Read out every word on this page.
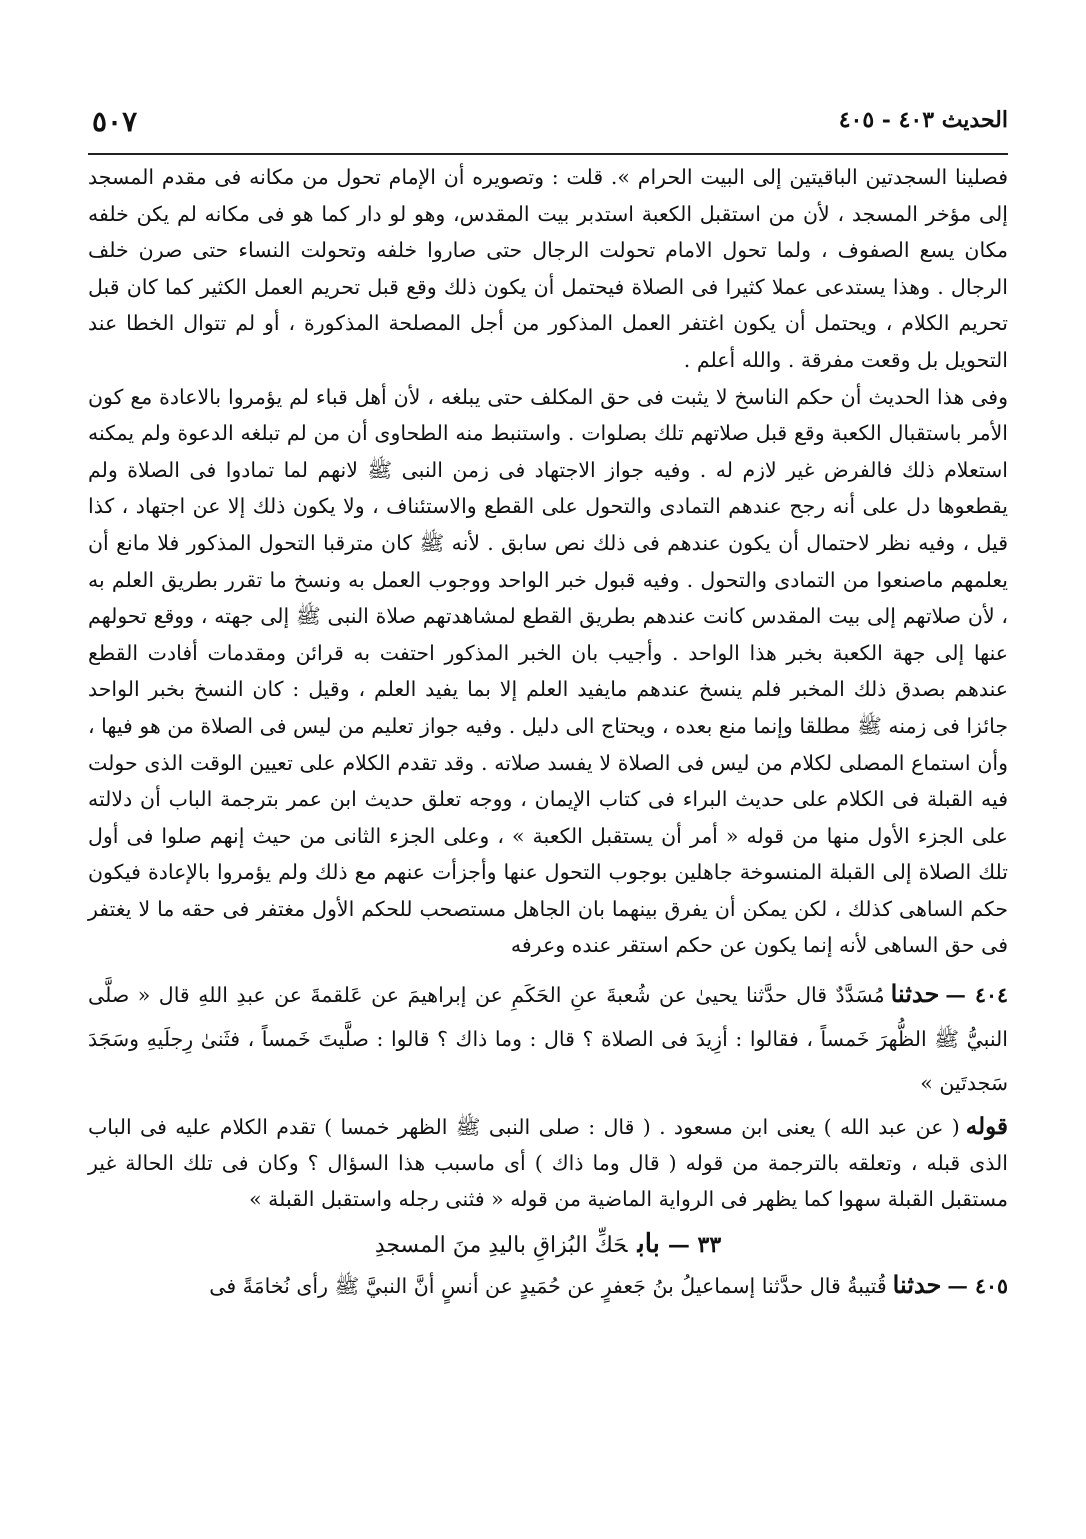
الحديث ٤٠٣ - ٤٠٥
٥٠٧

فصلينا السجدتين الباقيتين إلى البيت الحرام ». قلت : وتصويره أن الإمام تحول من مكانه فى مقدم المسجد إلى مؤخر المسجد ، لأن من استقبل الكعبة استدبر بيت المقدس، وهو لو دار كما هو فى مكانه لم يكن خلفه مكان يسع الصفوف ، ولما تحول الامام تحولت الرجال حتى صاروا خلفه وتحولت النساء حتى صرن خلف الرجال . وهذا يستدعى عملا كثيرا فى الصلاة فيحتمل أن يكون ذلك وقع قبل تحريم العمل الكثير كما كان قبل تحريم الكلام ، ويحتمل أن يكون اغتفر العمل المذكور من أجل المصلحة المذكورة ، أو لم تتوال الخطا عند التحويل بل وقعت مفرقة . والله أعلم .

وفى هذا الحديث أن حكم الناسخ لا يثبت فى حق المكلف حتى يبلغه ، لأن أهل قباء لم يؤمروا بالاعادة مع كون الأمر باستقبال الكعبة وقع قبل صلاتهم تلك بصلوات . واستنبط منه الطحاوى أن من لم تبلغه الدعوة ولم يمكنه استعلام ذلك فالفرض غير لازم له . وفيه جواز الاجتهاد فى زمن النبى ﷺ لانهم لما تمادوا فى الصلاة ولم يقطعوها دل على أنه رجح عندهم التمادى والتحول على القطع والاستئناف ، ولا يكون ذلك إلا عن اجتهاد ، كذا قيل ، وفيه نظر لاحتمال أن يكون عندهم فى ذلك نص سابق . لأنه ﷺ كان مترقبا التحول المذكور فلا مانع أن يعلمهم ماصنعوا من التمادى والتحول . وفيه قبول خبر الواحد ووجوب العمل به ونسخ ما تقرر بطريق العلم به ، لأن صلاتهم إلى بيت المقدس كانت عندهم بطريق القطع لمشاهدتهم صلاة النبى ﷺ إلى جهته ، ووقع تحولهم عنها إلى جهة الكعبة بخبر هذا الواحد . وأجيب بان الخبر المذكور احتفت به قرائن ومقدمات أفادت القطع عندهم بصدق ذلك المخبر فلم ينسخ عندهم مايفيد العلم إلا بما يفيد العلم ، وقيل : كان النسخ بخبر الواحد جائزا فى زمنه ﷺ مطلقا وإنما منع بعده ، ويحتاج الى دليل . وفيه جواز تعليم من ليس فى الصلاة من هو فيها ، وأن استماع المصلى لكلام من ليس فى الصلاة لا يفسد صلاته . وقد تقدم الكلام على تعيين الوقت الذى حولت فيه القبلة فى الكلام على حديث البراء فى كتاب الإيمان ، ووجه تعلق حديث ابن عمر بترجمة الباب أن دلالته على الجزء الأول منها من قوله « أمر أن يستقبل الكعبة » ، وعلى الجزء الثانى من حيث إنهم صلوا فى أول تلك الصلاة إلى القبلة المنسوخة جاهلين بوجوب التحول عنها وأجزأت عنهم مع ذلك ولم يؤمروا بالإعادة فيكون حكم الساهى كذلك ، لكن يمكن أن يفرق بينهما بان الجاهل مستصحب للحكم الأول مغتفر فى حقه ما لا يغتفر فى حق الساهى لأنه إنما يكون عن حكم استقر عنده وعرفه

٤٠٤ —حدثنامُسَدَّدٌ قال حدَّثنا يحيىٰ عن شُعبةَ عنِ الحَكَمِ عن إبراهيمَ عن عَلقمةَ عن عبدِ اللهِ قال « صلَّى النبيُّ ﷺ الظُّهرَ خَمساً ، فقالوا : أزِيدَ فى الصلاة ؟ قال : وما ذاك ؟ قالوا : صلَّيتَ خَمساً ، فثَنىٰ رِجلَيهِ وسَجَدَ سَجدتَين »
قوله( عن عبد الله ) يعنى ابن مسعود . ( قال : صلى النبى ﷺ الظهر خمسا ) تقدم الكلام عليه فى الباب الذى قبله ، وتعلقه بالترجمة من قوله ( قال وما ذاك ) أى ماسبب هذا السؤال ؟ وكان فى تلك الحالة غير مستقبل القبلة سهوا كما يظهر فى الرواية الماضية من قوله « فثنى رجله واستقبل القبلة »
٣٣ —بابحَكِّ البُزاقِ باليدِ منَ المسجدِ
٤٠٥ —حدثناقُتيبةُ قال حدَّثنا إسماعيلُ بنُ جَعفرٍ عن حُمَيدٍ عن أنسٍ أنَّ النبيَّ ﷺ رأى نُخامَةً فى
